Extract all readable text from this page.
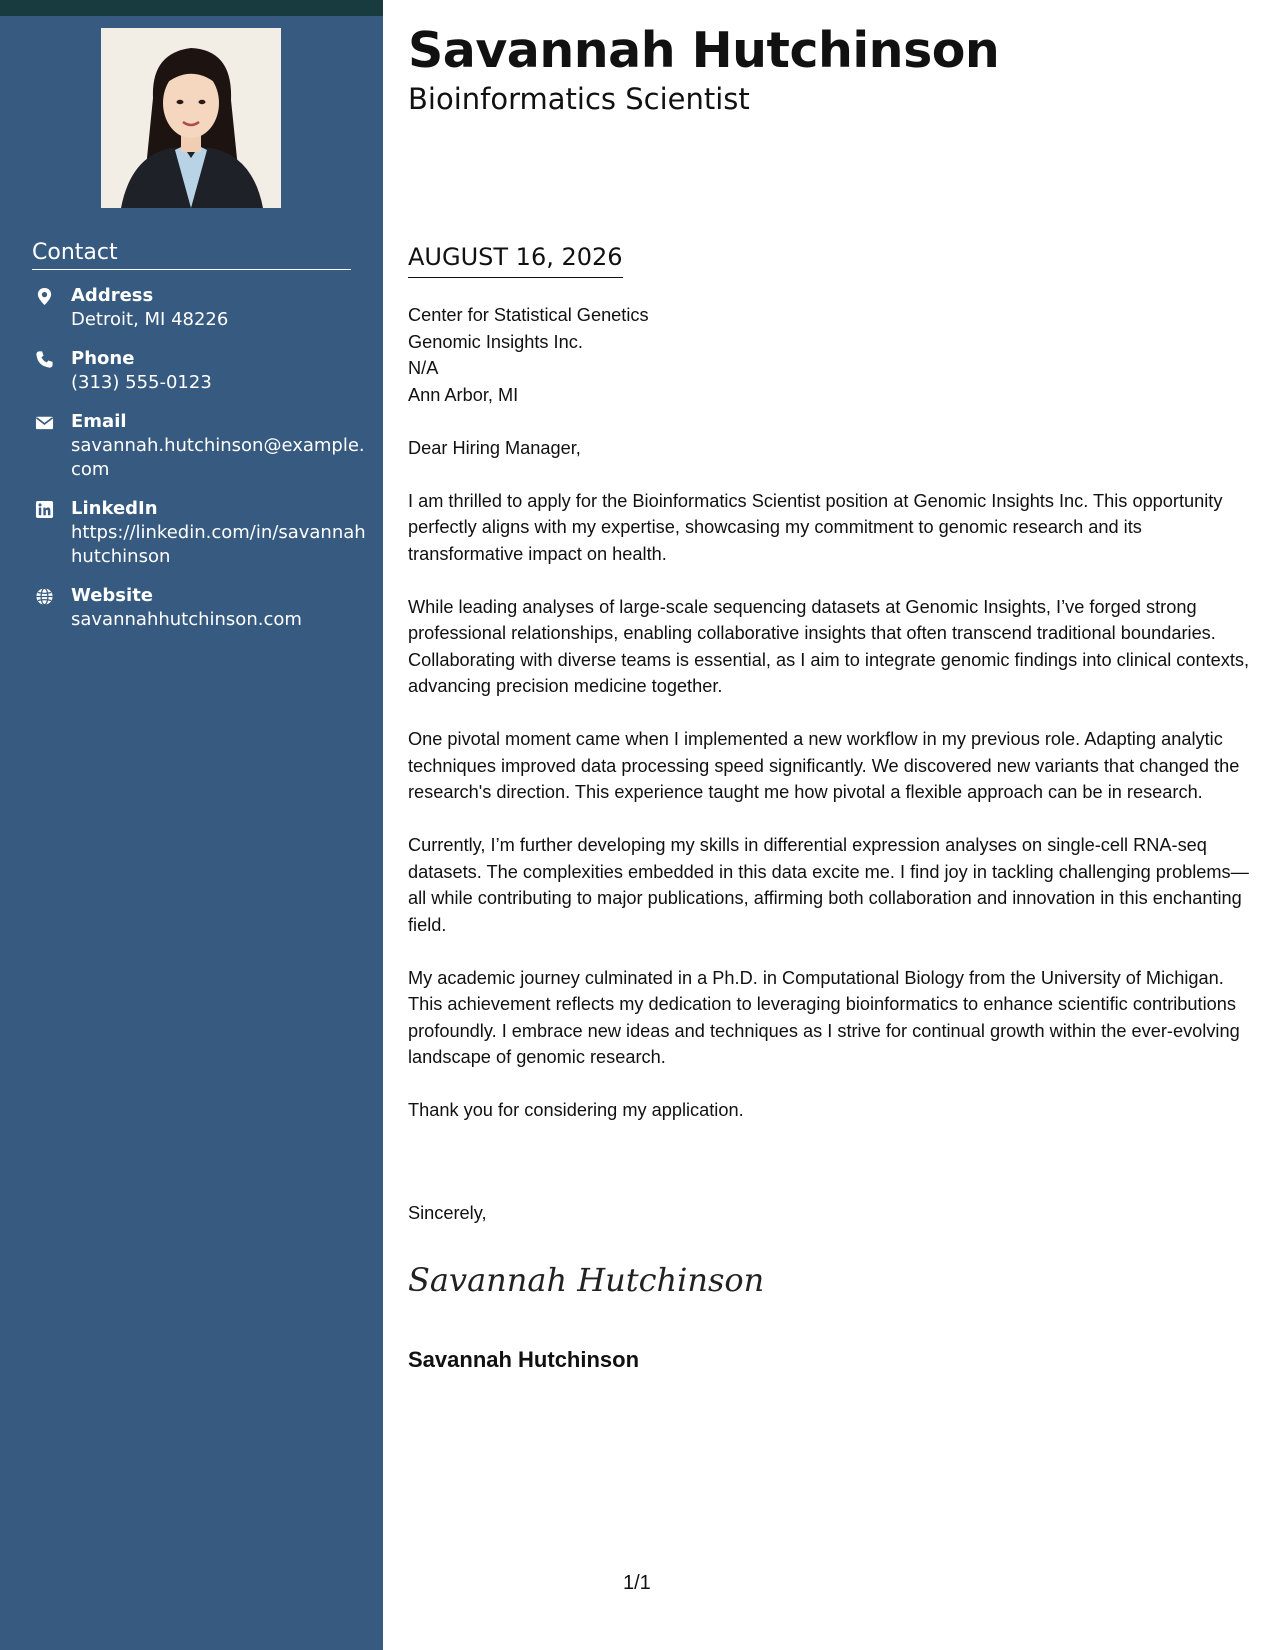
Contact
Address
Detroit, MI 48226
Phone
(313) 555-0123
Email
savannah.hutchinson@example.
com
LinkedIn
https://linkedin.com/in/savannah
hutchinson
Website
savannahhutchinson.com
Savannah Hutchinson
Bioinformatics Scientist
AUGUST 16, 2026
Center for Statistical Genetics
Genomic Insights Inc.
N/A
Ann Arbor, MI
Dear Hiring Manager,
I am thrilled to apply for the Bioinformatics Scientist position at Genomic Insights Inc. This opportunity perfectly aligns with my expertise, showcasing my commitment to genomic research and its transformative impact on health.
While leading analyses of large-scale sequencing datasets at Genomic Insights, I’ve forged strong professional relationships, enabling collaborative insights that often transcend traditional boundaries. Collaborating with diverse teams is essential, as I aim to integrate genomic findings into clinical contexts, advancing precision medicine together.
One pivotal moment came when I implemented a new workflow in my previous role. Adapting analytic techniques improved data processing speed significantly. We discovered new variants that changed the research's direction. This experience taught me how pivotal a flexible approach can be in research.
Currently, I’m further developing my skills in differential expression analyses on single-cell RNA-seq datasets. The complexities embedded in this data excite me. I find joy in tackling challenging problems—all while contributing to major publications, affirming both collaboration and innovation in this enchanting field.
My academic journey culminated in a Ph.D. in Computational Biology from the University of Michigan. This achievement reflects my dedication to leveraging bioinformatics to enhance scientific contributions profoundly. I embrace new ideas and techniques as I strive for continual growth within the ever-evolving landscape of genomic research.
Thank you for considering my application.
Sincerely,
Savannah Hutchinson
Savannah Hutchinson
1/1
